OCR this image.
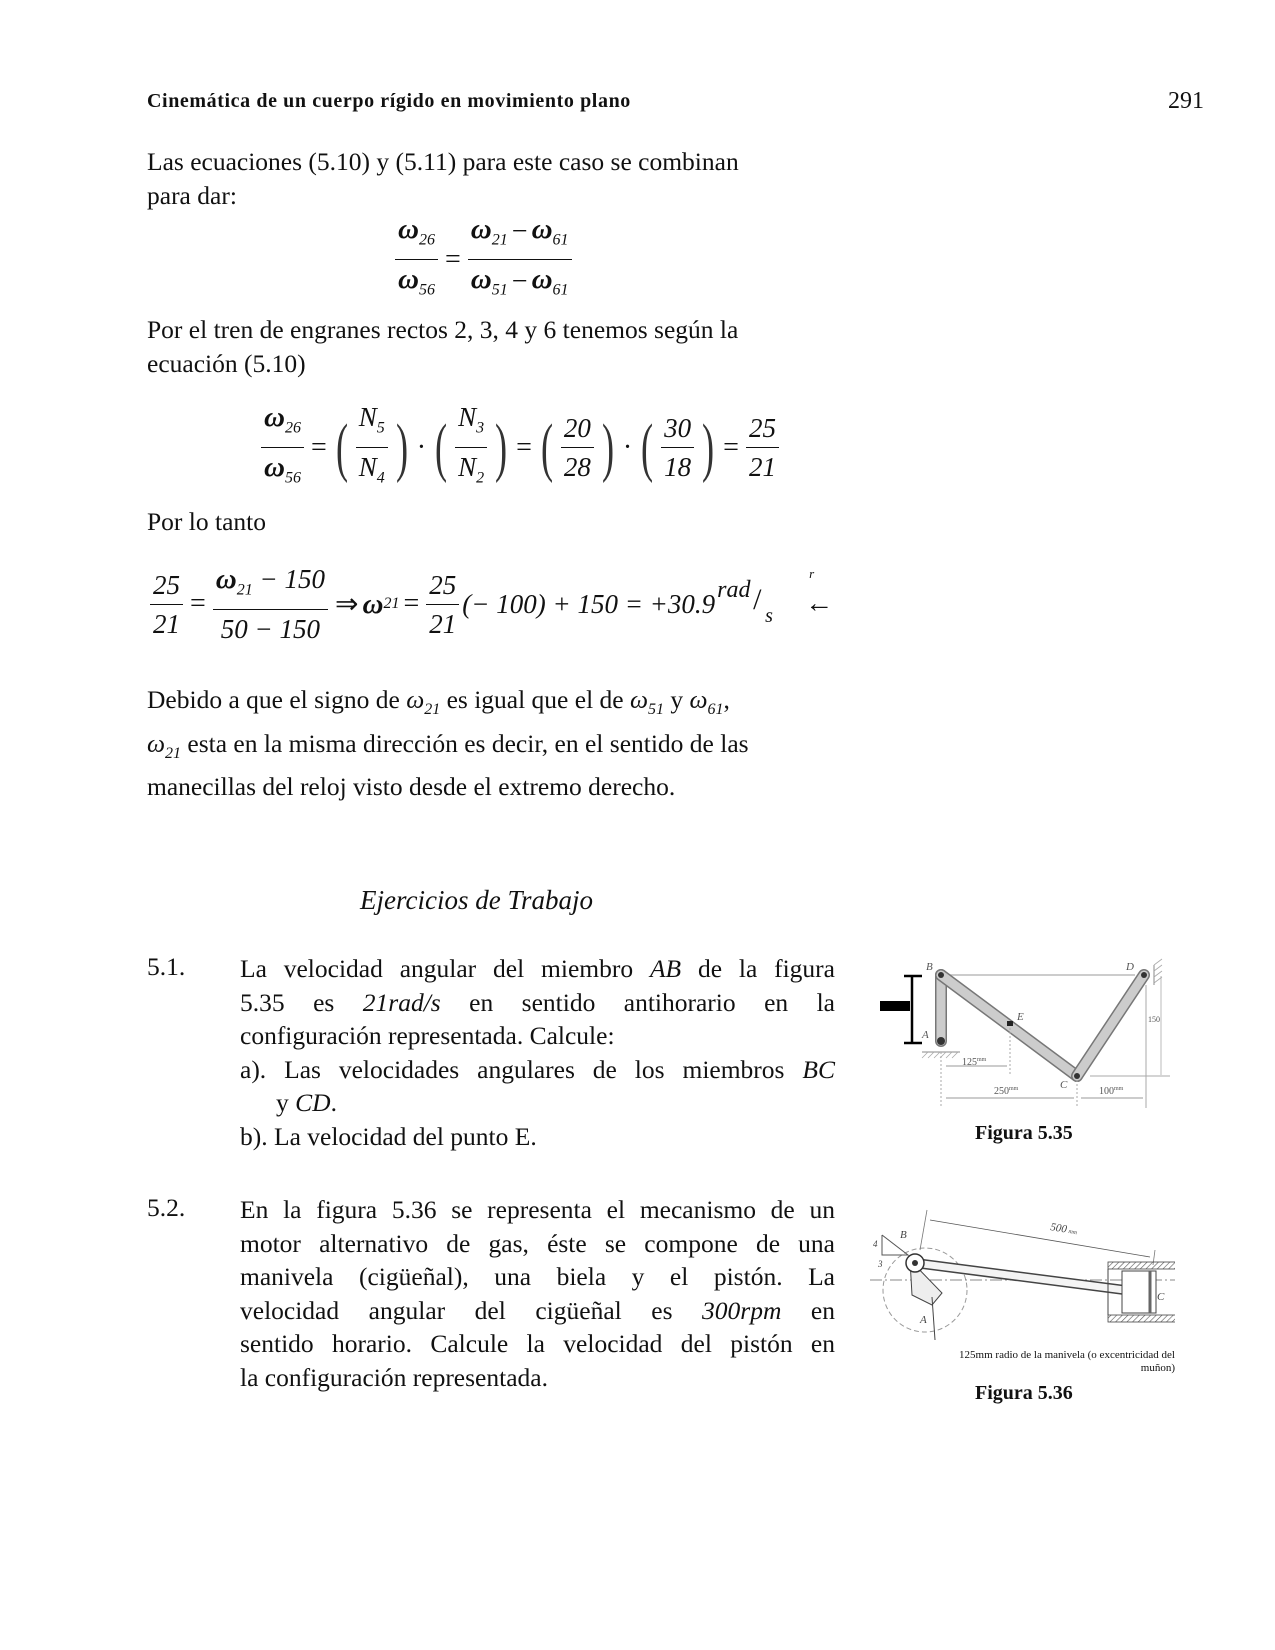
Cinemática de un cuerpo rígido en movimiento plano	291
Las ecuaciones (5.10) y (5.11) para este caso se combinan
para dar:
$\frac{\omega_{26}}{\omega_{56}} = \frac{\omega_{21} - \omega_{61}}{\omega_{51} - \omega_{61}}$
Por el tren de engranes rectos 2, 3, 4 y 6 tenemos según la
ecuación (5.10)
$\frac{\omega_{26}}{\omega_{56}}$ = ( $\frac{N_5}{N_4}$ ) · ( $\frac{N_3}{N_2}$ ) = ( $\frac{20}{28}$ ) · ( $\frac{30}{18}$ ) = $\frac{25}{21}$
Por lo tanto
$\frac{25}{21} = \frac{\omega_{21} - 150}{50 - 150}$ ⇒ ω $21 = \frac{25}{21}$ (− 100) + 150 = +30.9 rad / s
r
←
Debido a que el signo de $\omega_{21}$ es igual que el de $\omega_{51}$ y $\omega_{61}$,
$\omega_{21}$ esta en la misma dirección es decir, en el sentido de las
manecillas del reloj visto desde el extremo derecho.
Ejercicios de Trabajo
5.1. La velocidad angular del miembro AB de la figura
5.35 es 21rad/s en sentido antihorario en la
configuración representada. Calcule:
a). Las velocidades angulares de los miembros BC
y CD.
b). La velocidad del punto E.
5.2. En la figura 5.36 se representa el mecanismo de un
motor alternativo de gas, éste se compone de una
manivela (cigüeñal), una biela y el pistón. La
velocidad angular del cigüeñal es 300rpm en
sentido horario. Calcule la velocidad del pistón en
la configuración representada.
B
A
E
C
D
$125^{mm}$
$250^{mm}$	$100^{mm}$
150
Figura 5.35
4
3
B
A
500mm
C
125mm radio de la manivela (o excentricidad del
muñon)
Figura 5.36
